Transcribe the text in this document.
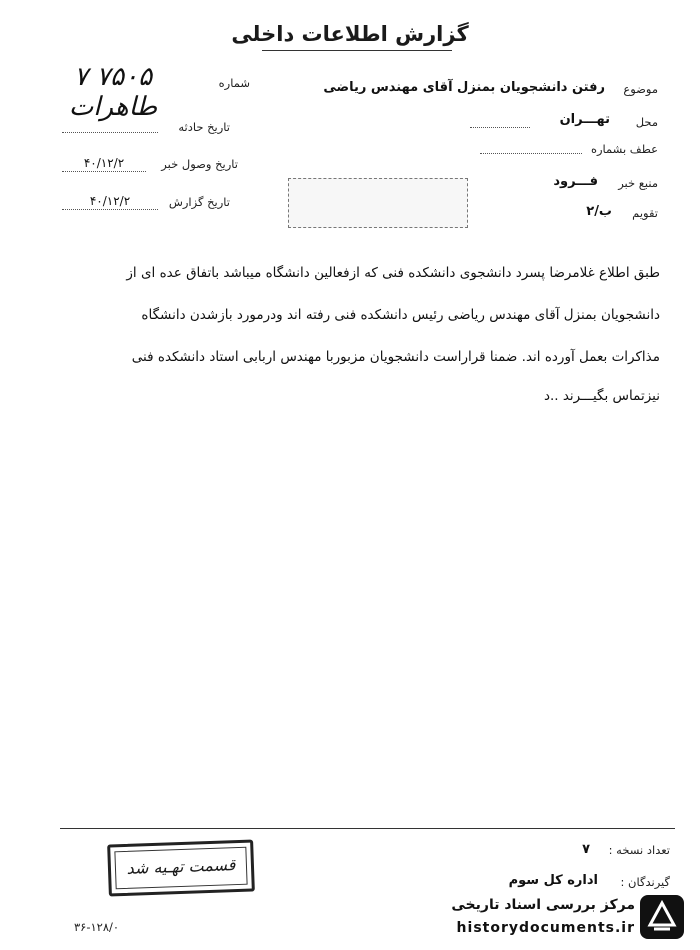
گزارش اطلاعات داخلی
شماره
۷۵۰۵ ۷ طاهرات
تاریخ حادثه
تاریخ وصول خبر
۴۰/۱۲/۲
تاریخ گزارش
۴۰/۱۲/۲
موضوع
رفتن دانشجویان بمنزل آقای مهندس ریاضی
محل
تهـــران
عطف بشماره
منبع خبر
فـــرود
تقویم
ب/۲
طبق اطلاع غلامرضا پسرد دانشجوی دانشکده فنی که ازفعالین دانشگاه میباشد باتفاق عده ای از
دانشجویان بمنزل آقای مهندس ریاضی رئیس دانشکده فنی رفته اند ودرمورد بازشدن دانشگاه
مذاکرات بعمل آورده اند. ضمنا قراراست دانشجویان مزبوربا مهندس اربابی استاد دانشکده فنی
نیزتماس بگیـــرند ..د
تعداد نسخه :
۷
گیرندگان :
اداره کل سوم
قسمت تهـیه شد
۳۶-۱۲۸/۰
مرکز بررسی اسناد تاریخی
historydocuments.ir
